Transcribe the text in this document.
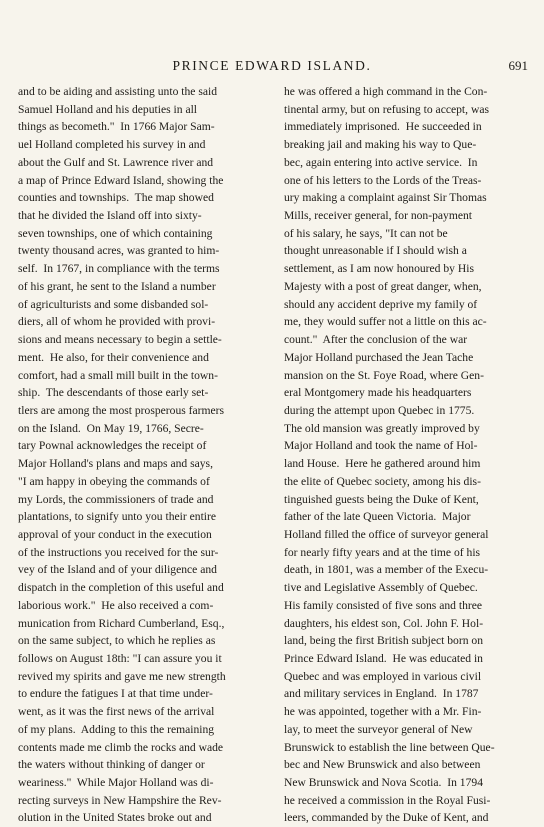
PRINCE EDWARD ISLAND.	691
and to be aiding and assisting unto the said
Samuel Holland and his deputies in all
things as becometh."  In 1766 Major Sam-
uel Holland completed his survey in and
about the Gulf and St. Lawrence river and
a map of Prince Edward Island, showing the
counties and townships.  The map showed
that he divided the Island off into sixty-
seven townships, one of which containing
twenty thousand acres, was granted to him-
self.  In 1767, in compliance with the terms
of his grant, he sent to the Island a number
of agriculturists and some disbanded sol-
diers, all of whom he provided with provi-
sions and means necessary to begin a settle-
ment.  He also, for their convenience and
comfort, had a small mill built in the town-
ship.  The descendants of those early set-
tlers are among the most prosperous farmers
on the Island.  On May 19, 1766, Secre-
tary Pownal acknowledges the receipt of
Major Holland's plans and maps and says,
"I am happy in obeying the commands of
my Lords, the commissioners of trade and
plantations, to signify unto you their entire
approval of your conduct in the execution
of the instructions you received for the sur-
vey of the Island and of your diligence and
dispatch in the completion of this useful and
laborious work."  He also received a com-
munication from Richard Cumberland, Esq.,
on the same subject, to which he replies as
follows on August 18th: "I can assure you it
revived my spirits and gave me new strength
to endure the fatigues I at that time under-
went, as it was the first news of the arrival
of my plans.  Adding to this the remaining
contents made me climb the rocks and wade
the waters without thinking of danger or
weariness."  While Major Holland was di-
recting surveys in New Hampshire the Rev-
olution in the United States broke out and
he was offered a high command in the Con-
tinental army, but on refusing to accept, was
immediately imprisoned.  He succeeded in
breaking jail and making his way to Que-
bec, again entering into active service.  In
one of his letters to the Lords of the Treas-
ury making a complaint against Sir Thomas
Mills, receiver general, for non-payment
of his salary, he says, "It can not be
thought unreasonable if I should wish a
settlement, as I am now honoured by His
Majesty with a post of great danger, when,
should any accident deprive my family of
me, they would suffer not a little on this ac-
count."  After the conclusion of the war
Major Holland purchased the Jean Tache
mansion on the St. Foye Road, where Gen-
eral Montgomery made his headquarters
during the attempt upon Quebec in 1775.
The old mansion was greatly improved by
Major Holland and took the name of Hol-
land House.  Here he gathered around him
the elite of Quebec society, among his dis-
tinguished guests being the Duke of Kent,
father of the late Queen Victoria.  Major
Holland filled the office of surveyor general
for nearly fifty years and at the time of his
death, in 1801, was a member of the Execu-
tive and Legislative Assembly of Quebec.
His family consisted of five sons and three
daughters, his eldest son, Col. John F. Hol-
land, being the first British subject born on
Prince Edward Island.  He was educated in
Quebec and was employed in various civil
and military services in England.  In 1787
he was appointed, together with a Mr. Fin-
lay, to meet the surveyor general of New
Brunswick to establish the line between Que-
bec and New Brunswick and also between
New Brunswick and Nova Scotia.  In 1794
he received a commission in the Royal Fusi-
leers, commanded by the Duke of Kent, and
